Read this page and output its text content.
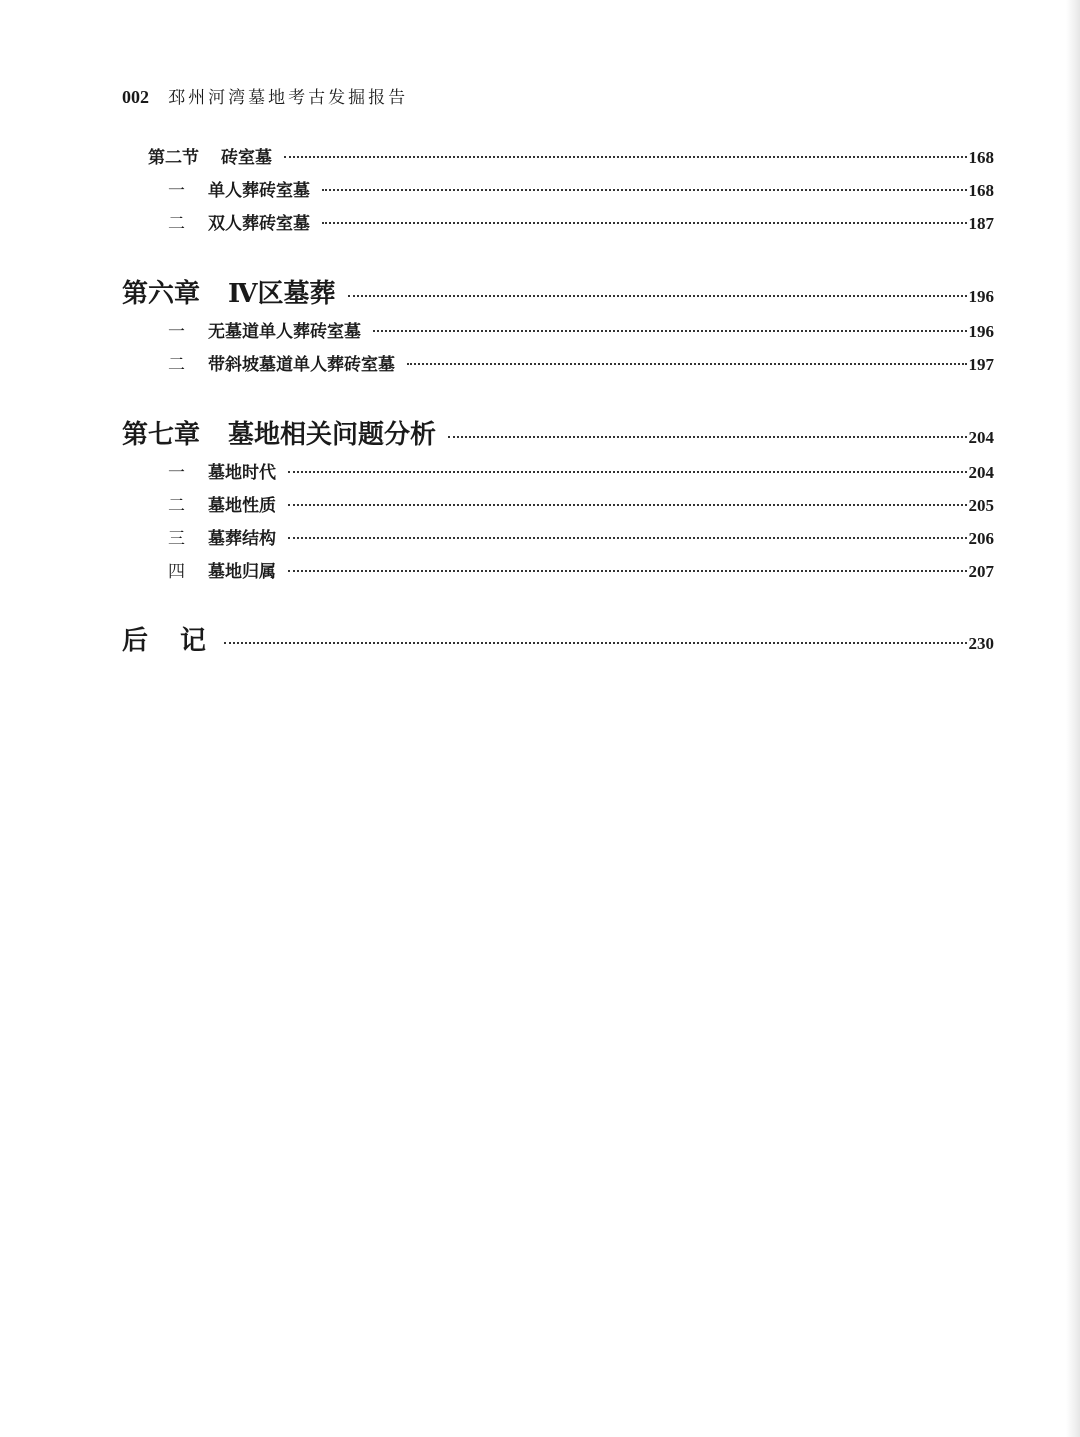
002 邳州河湾墓地考古发掘报告
第二节 砖室墓	168
一	单人葬砖室墓	168
二	双人葬砖室墓	187
第六章 Ⅳ区墓葬	196
一	无墓道单人葬砖室墓	196
二	带斜坡墓道单人葬砖室墓	197
第七章 墓地相关问题分析	204
一	墓地时代	204
二	墓地性质	205
三	墓葬结构	206
四	墓地归属	207
后记	230
